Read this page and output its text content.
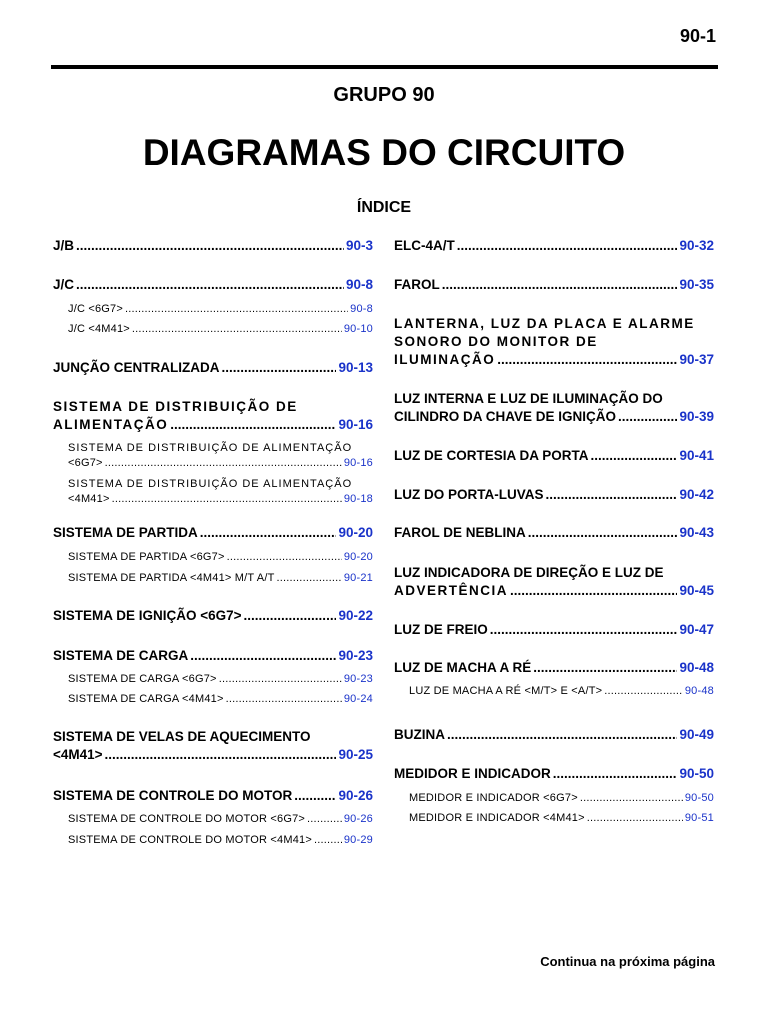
90-1
GRUPO 90
DIAGRAMAS DO CIRCUITO
ÍNDICE
J/B .....	90-3
J/C .....	90-8
J/C <6G7> .....	90-8
J/C <4M41> .....	90-10
JUNÇÃO CENTRALIZADA .....	90-13
SISTEMA DE DISTRIBUIÇÃO DE
ALIMENTAÇÃO .....	90-16
SISTEMA DE DISTRIBUIÇÃO DE ALIMENTAÇÃO
<6G7> .....	90-16
SISTEMA DE DISTRIBUIÇÃO DE ALIMENTAÇÃO
<4M41> .....	90-18
SISTEMA DE PARTIDA .....	90-20
SISTEMA DE PARTIDA <6G7> .....	90-20
SISTEMA DE PARTIDA <4M41> M/T A/T .....	90-21
SISTEMA DE IGNIÇÃO <6G7> .....	90-22
SISTEMA DE CARGA .....	90-23
SISTEMA DE CARGA <6G7> .....	90-23
SISTEMA DE CARGA <4M41> .....	90-24
SISTEMA DE VELAS DE AQUECIMENTO
<4M41> .....	90-25
SISTEMA DE CONTROLE DO MOTOR .....	90-26
SISTEMA DE CONTROLE DO MOTOR <6G7> .....	90-26
SISTEMA DE CONTROLE DO MOTOR <4M41> .....	90-29
ELC-4A/T .....	90-32
FAROL .....	90-35
LANTERNA, LUZ DA PLACA E ALARME
SONORO DO MONITOR DE
ILUMINAÇÃO .....	90-37
LUZ INTERNA E LUZ DE ILUMINAÇÃO DO
CILINDRO DA CHAVE DE IGNIÇÃO .....	90-39
LUZ DE CORTESIA DA PORTA .....	90-41
LUZ DO PORTA-LUVAS .....	90-42
FAROL DE NEBLINA .....	90-43
LUZ INDICADORA DE DIREÇÃO E LUZ DE
ADVERTÊNCIA .....	90-45
LUZ DE FREIO .....	90-47
LUZ DE MACHA A RÉ .....	90-48
LUZ DE MACHA A RÉ <M/T> E <A/T> .....	90-48
BUZINA .....	90-49
MEDIDOR E INDICADOR .....	90-50
MEDIDOR E INDICADOR <6G7> .....	90-50
MEDIDOR E INDICADOR <4M41> .....	90-51
Continua na próxima página
